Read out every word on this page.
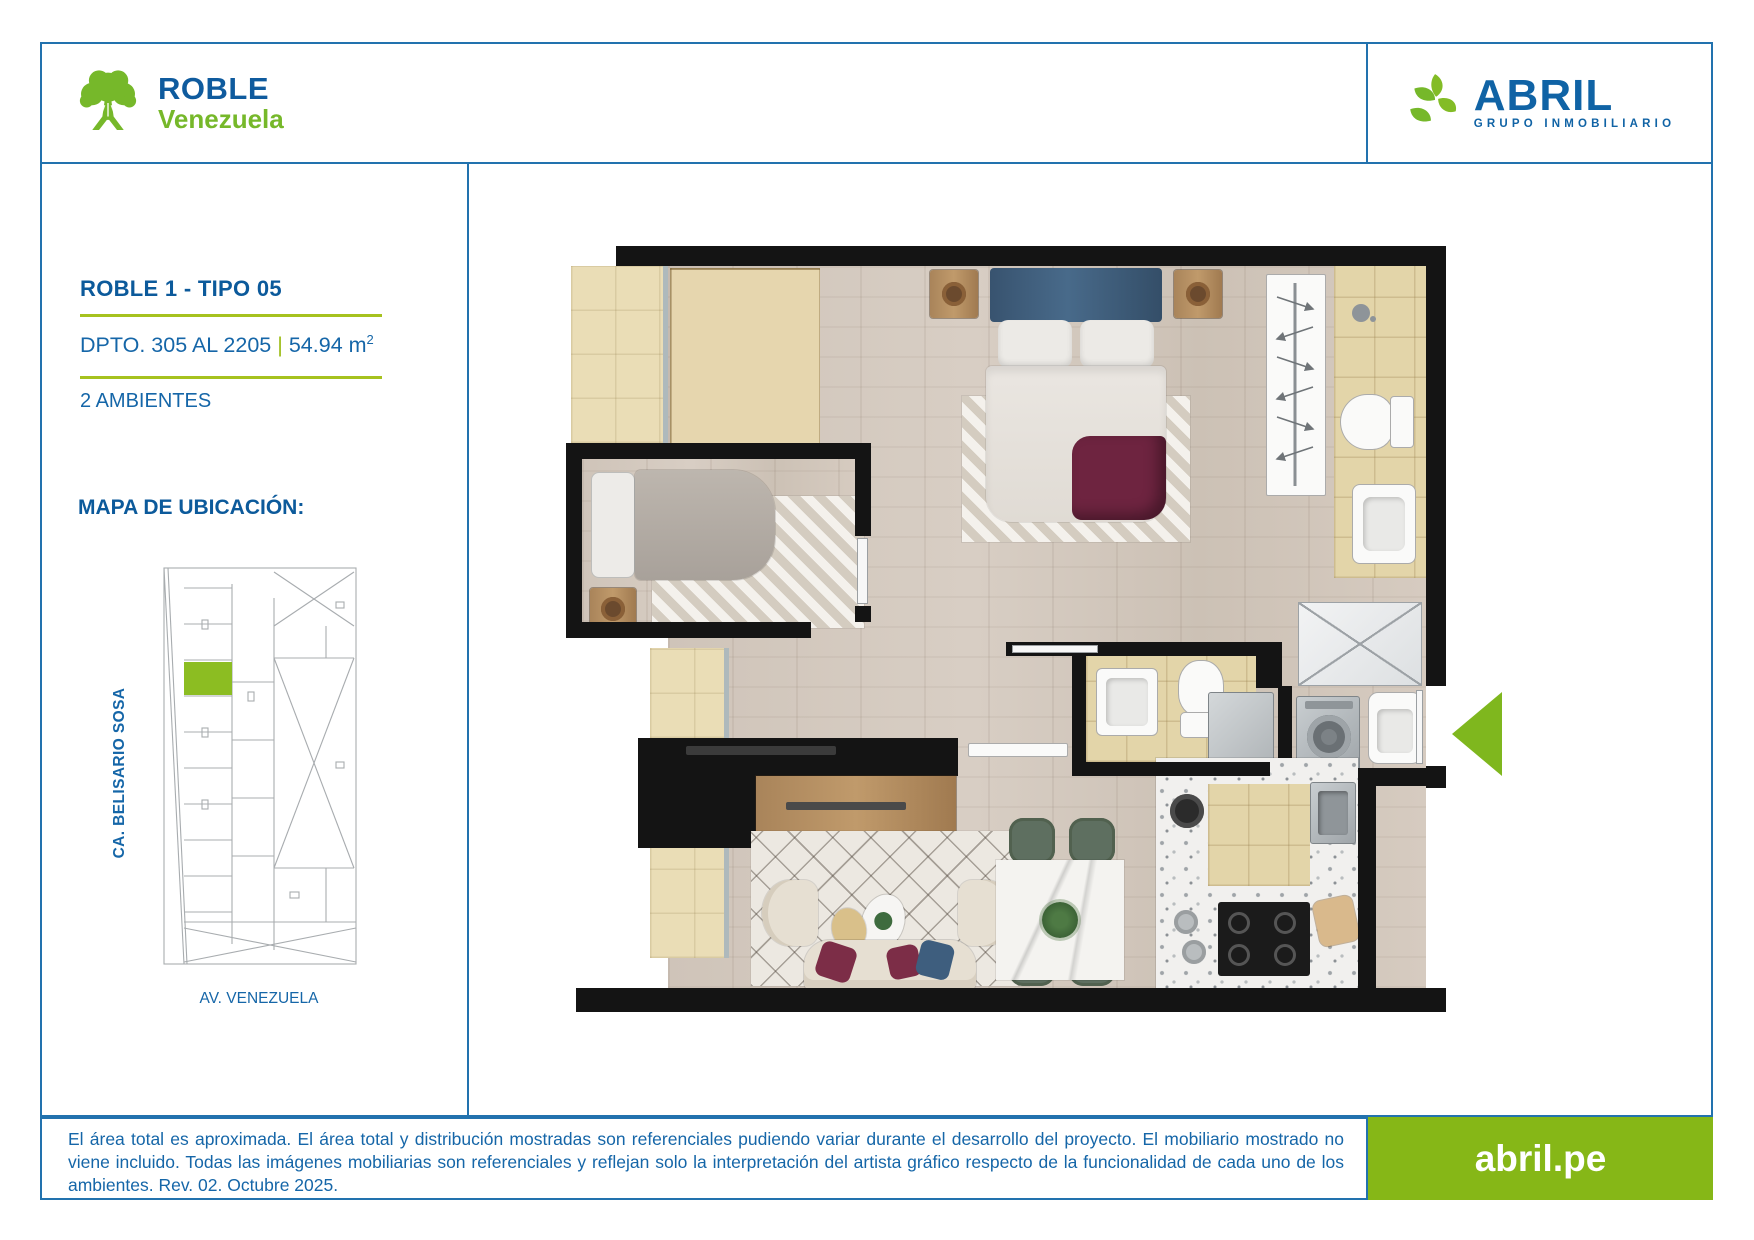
ROBLE
Venezuela	ABRIL
GRUPO INMOBILIARIO
ROBLE 1 - TIPO 05
DPTO. 305 AL 2205 | 54.94 $m^2$
2 AMBIENTES
MAPA DE UBICACIÓN:
CA. BELISARIO SOSA
AV. VENEZUELA
El área total es aproximada. El área total y distribución mostradas son referenciales pudiendo variar durante el desarrollo del proyecto. El mobiliario mostrado no viene incluido. Todas las imágenes mobiliarias son referenciales y reflejan solo la interpretación del artista gráfico respecto de la funcionalidad de cada uno de los ambientes. Rev. 02. Octubre 2025.
abril.pe
